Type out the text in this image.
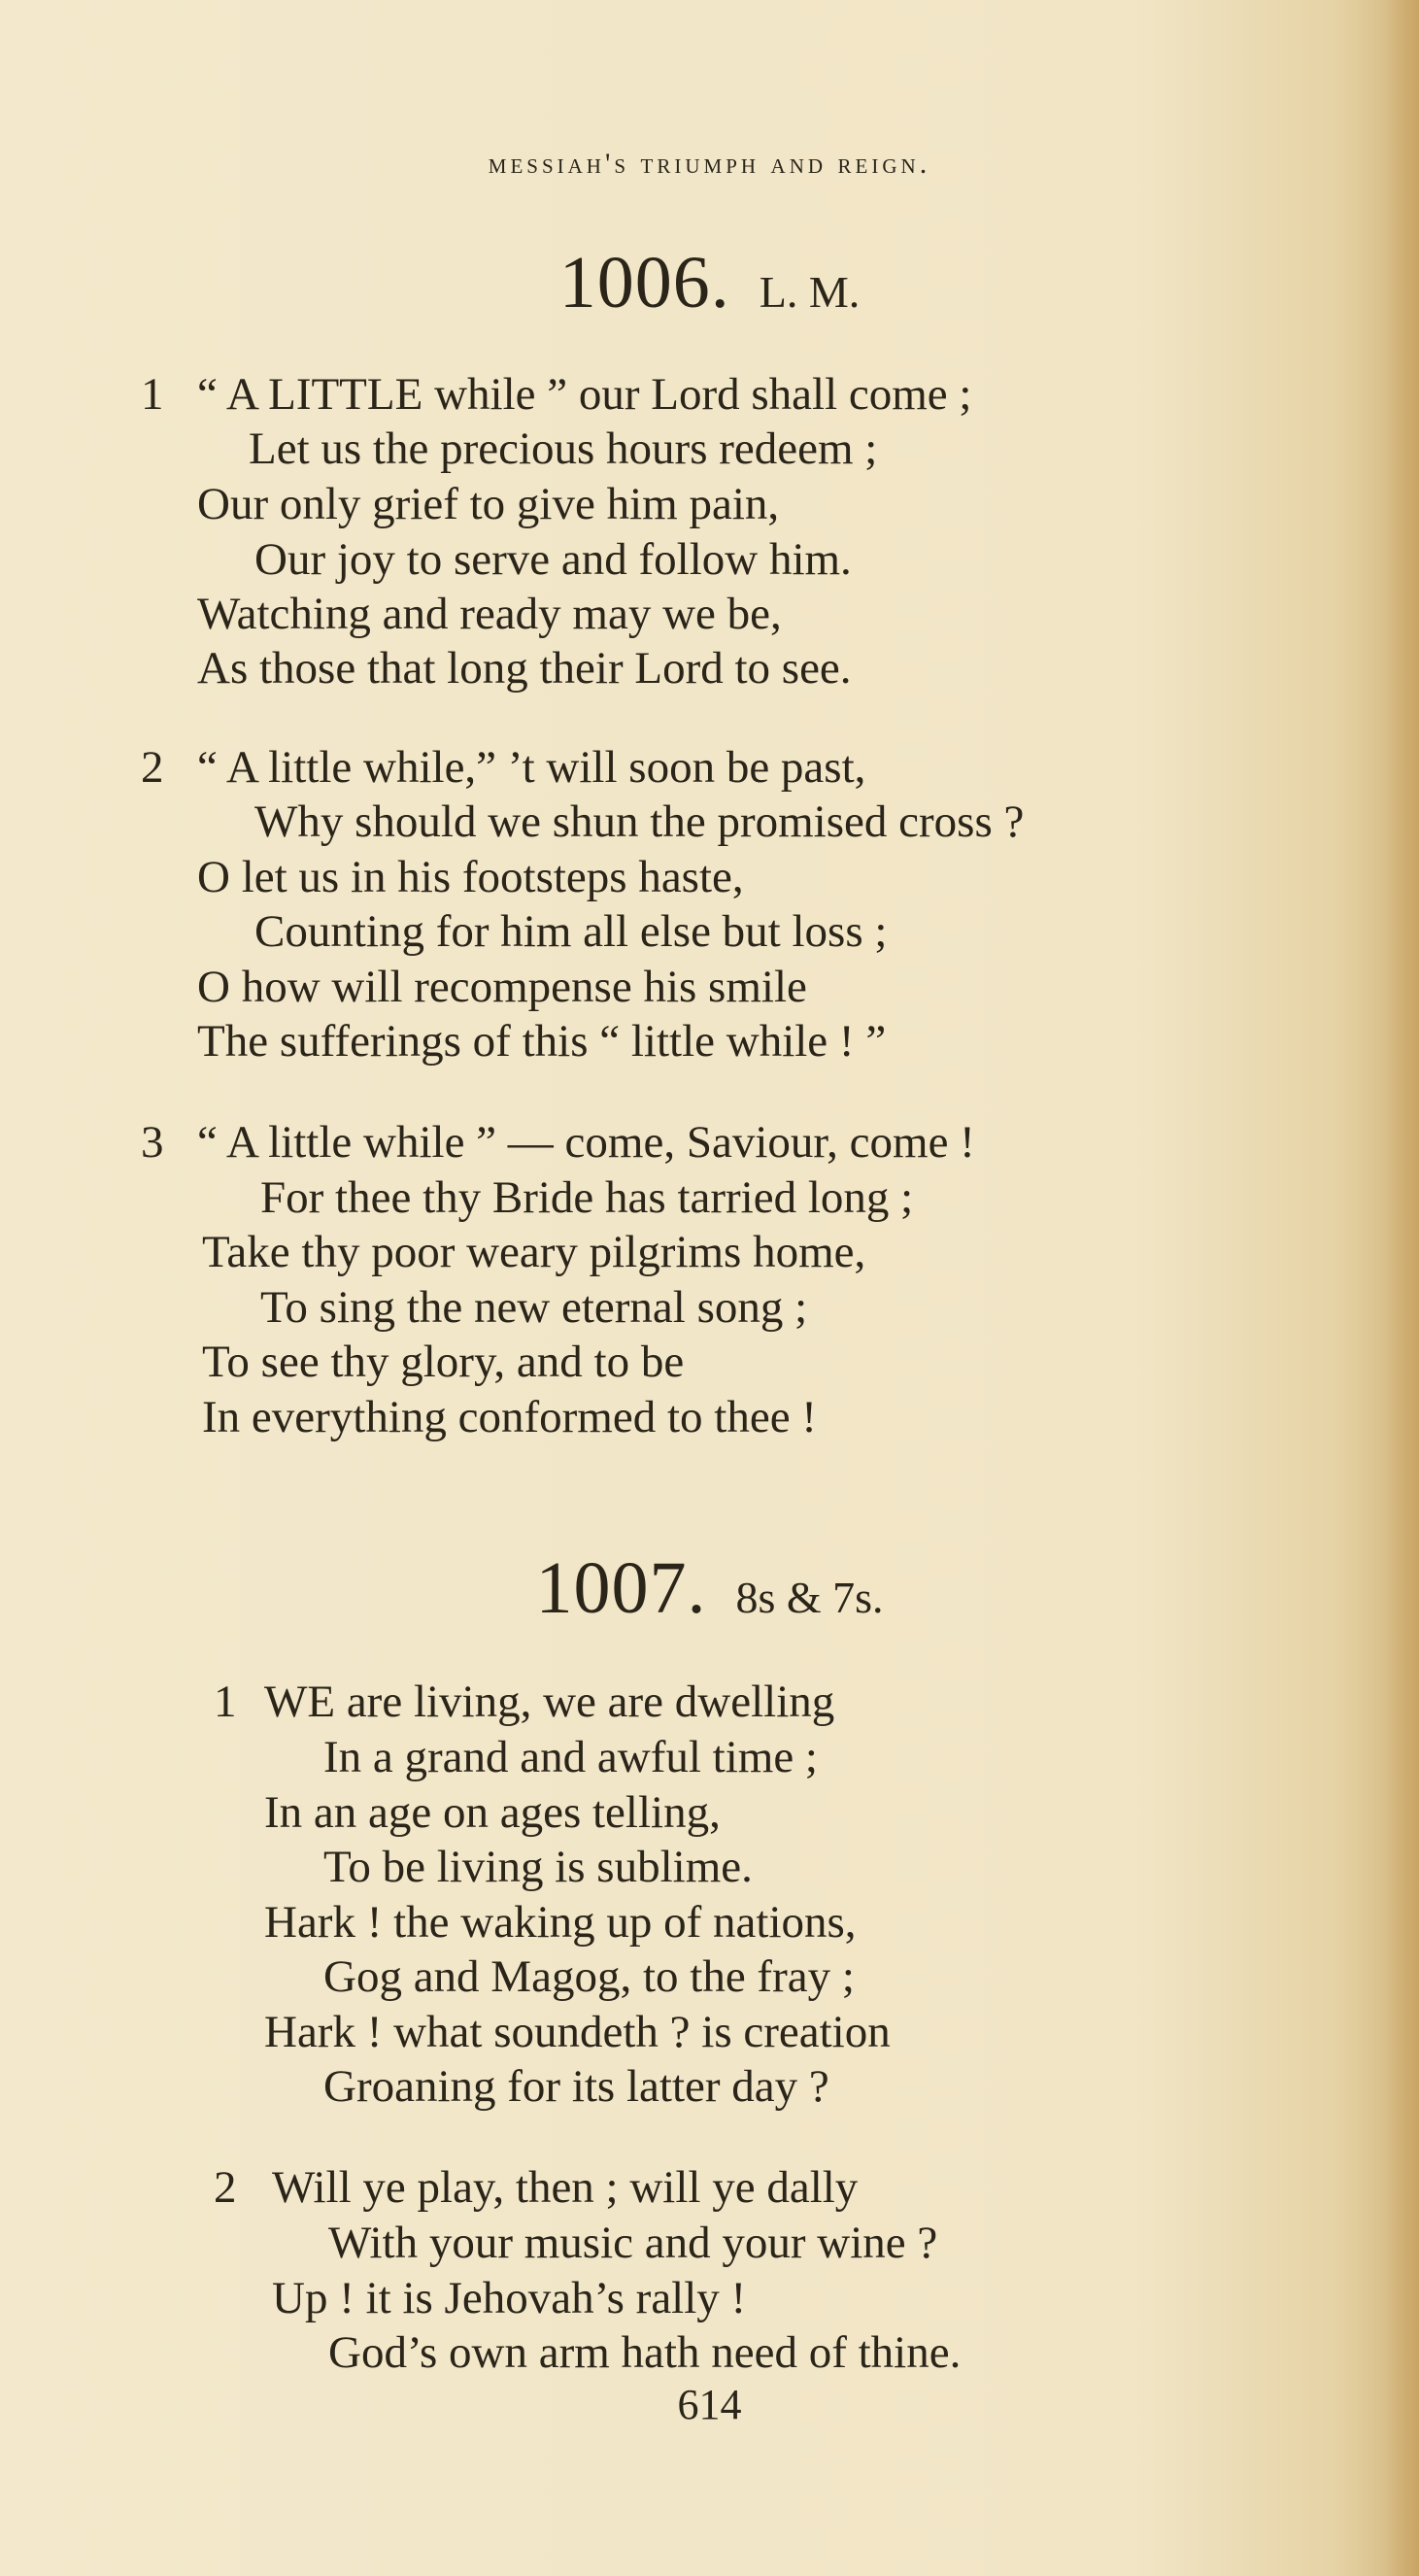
messiah's triumph and reign.
1006. L. M.
1 “ A LITTLE while ” our Lord shall come ;
Let us the precious hours redeem ;
Our only grief to give him pain,
Our joy to serve and follow him.
Watching and ready may we be,
As those that long their Lord to see.
2 “ A little while,” ’t will soon be past,
Why should we shun the promised cross ?
O let us in his footsteps haste,
Counting for him all else but loss ;
O how will recompense his smile
The sufferings of this “ little while ! ”
3 “ A little while ” — come, Saviour, come !
For thee thy Bride has tarried long ;
Take thy poor weary pilgrims home,
To sing the new eternal song ;
To see thy glory, and to be
In everything conformed to thee !
1007. 8s & 7s.
1 WE are living, we are dwelling
In a grand and awful time ;
In an age on ages telling,
To be living is sublime.
Hark ! the waking up of nations,
Gog and Magog, to the fray ;
Hark ! what soundeth ? is creation
Groaning for its latter day ?
2 Will ye play, then ; will ye dally
With your music and your wine ?
Up ! it is Jehovah’s rally !
God’s own arm hath need of thine.
614
